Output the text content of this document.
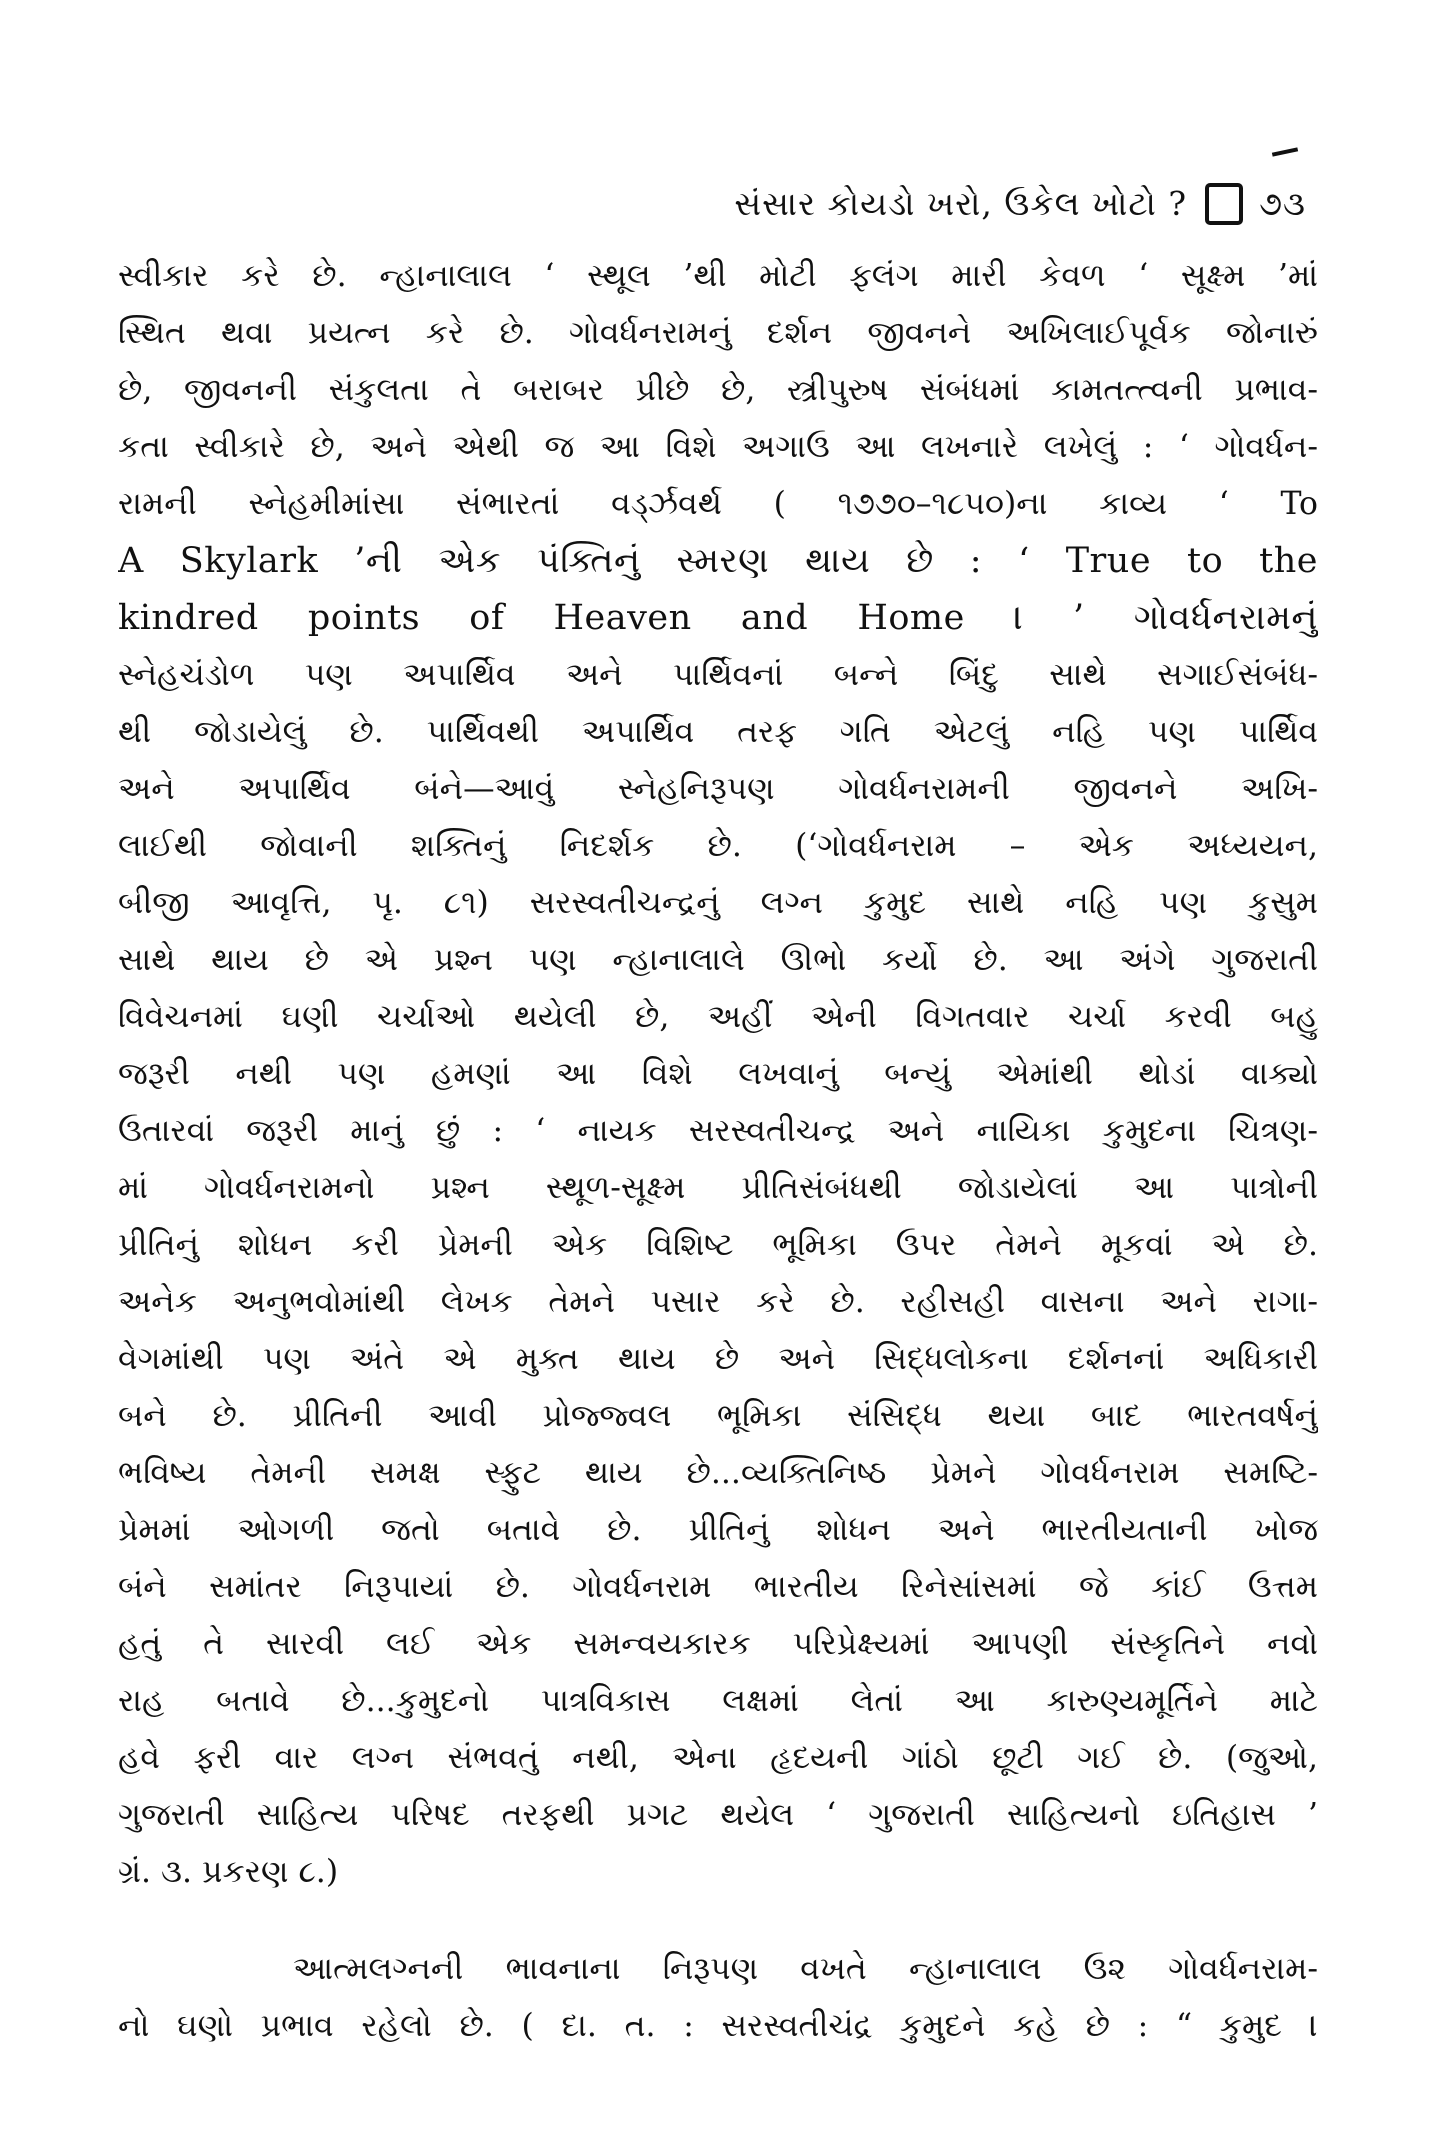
સંસાર કોયડો ખરો, ઉકેલ ખોટો ? ૭૩
સ્વીકાર કરે છે. ન્હાનાલાલ ‘ સ્થૂલ ’થી મોટી ફલંગ મારી કેવળ ‘ સૂક્ષ્મ ’માં
સ્થિત થવા પ્રયત્ન કરે છે. ગોવર્ધનરામનું દર્શન જીવનને અખિલાઈપૂર્વક જોનારું
છે, જીવનની સંકુલતા તે બરાબર પ્રીછે છે, સ્ત્રીપુરુષ સંબંધમાં કામતત્ત્વની પ્રભાવ-
કતા સ્વીકારે છે, અને એથી જ આ વિશે અગાઉ આ લખનારે લખેલું : ‘ ગોવર્ધન-
રામની સ્નેહમીમાંસા સંભારતાં વર્ડ્ઝવર્થ ( ૧૭૭૦–૧૮૫૦)ના કાવ્ય ‘ To
A Skylark ’ની એક પંક્તિનું સ્મરણ થાય છે : ‘ True to the
kindred points of Heaven and Home । ’ ગોવર્ધનરામનું
સ્નેહચંડોળ પણ અપાર્થિવ અને પાર્થિવનાં બન્ને બિંદુ સાથે સગાઈસંબંધ-
થી જોડાયેલું છે. પાર્થિવથી અપાર્થિવ તરફ ગતિ એટલું નહિ પણ પાર્થિવ
અને અપાર્થિવ બંને—આવું સ્નેહનિરૂપણ ગોવર્ધનરામની જીવનને અખિ-
લાઈથી જોવાની શક્તિનું નિદર્શક છે. (‘ગોવર્ધનરામ – એક અધ્યયન,
બીજી આવૃત્તિ, પૃ. ૮૧) સરસ્વતીચન્દ્રનું લગ્ન કુમુદ સાથે નહિ પણ કુસુમ
સાથે થાય છે એ પ્રશ્ન પણ ન્હાનાલાલે ઊભો કર્યો છે. આ અંગે ગુજરાતી
વિવેચનમાં ઘણી ચર્ચાઓ થયેલી છે, અહીં એની વિગતવાર ચર્ચા કરવી બહુ
જરૂરી નથી પણ હમણાં આ વિશે લખવાનું બન્યું એમાંથી થોડાં વાક્યો
ઉતારવાં જરૂરી માનું છું : ‘ નાયક સરસ્વતીચન્દ્ર અને નાયિકા કુમુદના ચિત્રણ-
માં ગોવર્ધનરામનો પ્રશ્ન સ્થૂળ-સૂક્ષ્મ પ્રીતિસંબંધથી જોડાયેલાં આ પાત્રોની
પ્રીતિનું શોધન કરી પ્રેમની એક વિશિષ્ટ ભૂમિકા ઉપર તેમને મૂકવાં એ છે.
અનેક અનુભવોમાંથી લેખક તેમને પસાર કરે છે. રહીસહી વાસના અને રાગા-
વેગમાંથી પણ અંતે એ મુક્ત થાય છે અને સિદ્ધલોકના દર્શનનાં અધિકારી
બને છે. પ્રીતિની આવી પ્રોજ્જ્વલ ભૂમિકા સંસિદ્ધ થયા બાદ ભારતવર્ષનું
ભવિષ્ય તેમની સમક્ષ સ્ફુટ થાય છે...વ્યક્તિનિષ્ઠ પ્રેમને ગોવર્ધનરામ સમષ્ટિ-
પ્રેમમાં ઓગળી જતો બતાવે છે. પ્રીતિનું શોધન અને ભારતીયતાની ખોજ
બંને સમાંતર નિરૂપાયાં છે. ગોવર્ધનરામ ભારતીય રિનેસાંસમાં જે કાંઈ ઉત્તમ
હતું તે સારવી લઈ એક સમન્વયકારક પરિપ્રેક્ષ્યમાં આપણી સંસ્કૃતિને નવો
રાહ બતાવે છે...કુમુદનો પાત્રવિકાસ લક્ષમાં લેતાં આ કારુણ્યમૂર્તિને માટે
હવે ફરી વાર લગ્ન સંભવતું નથી, એના હૃદયની ગાંઠો છૂટી ગઈ છે. (જુઓ,
ગુજરાતી સાહિત્ય પરિષદ તરફથી પ્રગટ થયેલ ‘ ગુજરાતી સાહિત્યનો ઇતિહાસ ’
ગ્રં. ૩. પ્રકરણ ૮.)
આત્મલગ્નની ભાવનાના નિરૂપણ વખતે ન્હાનાલાલ ઉ૨ ગોવર્ધનરામ-
નો ઘણો પ્રભાવ રહેલો છે. ( દા. ત. : સરસ્વતીચંદ્ર કુમુદને કહે છે : “ કુમુદ ।
